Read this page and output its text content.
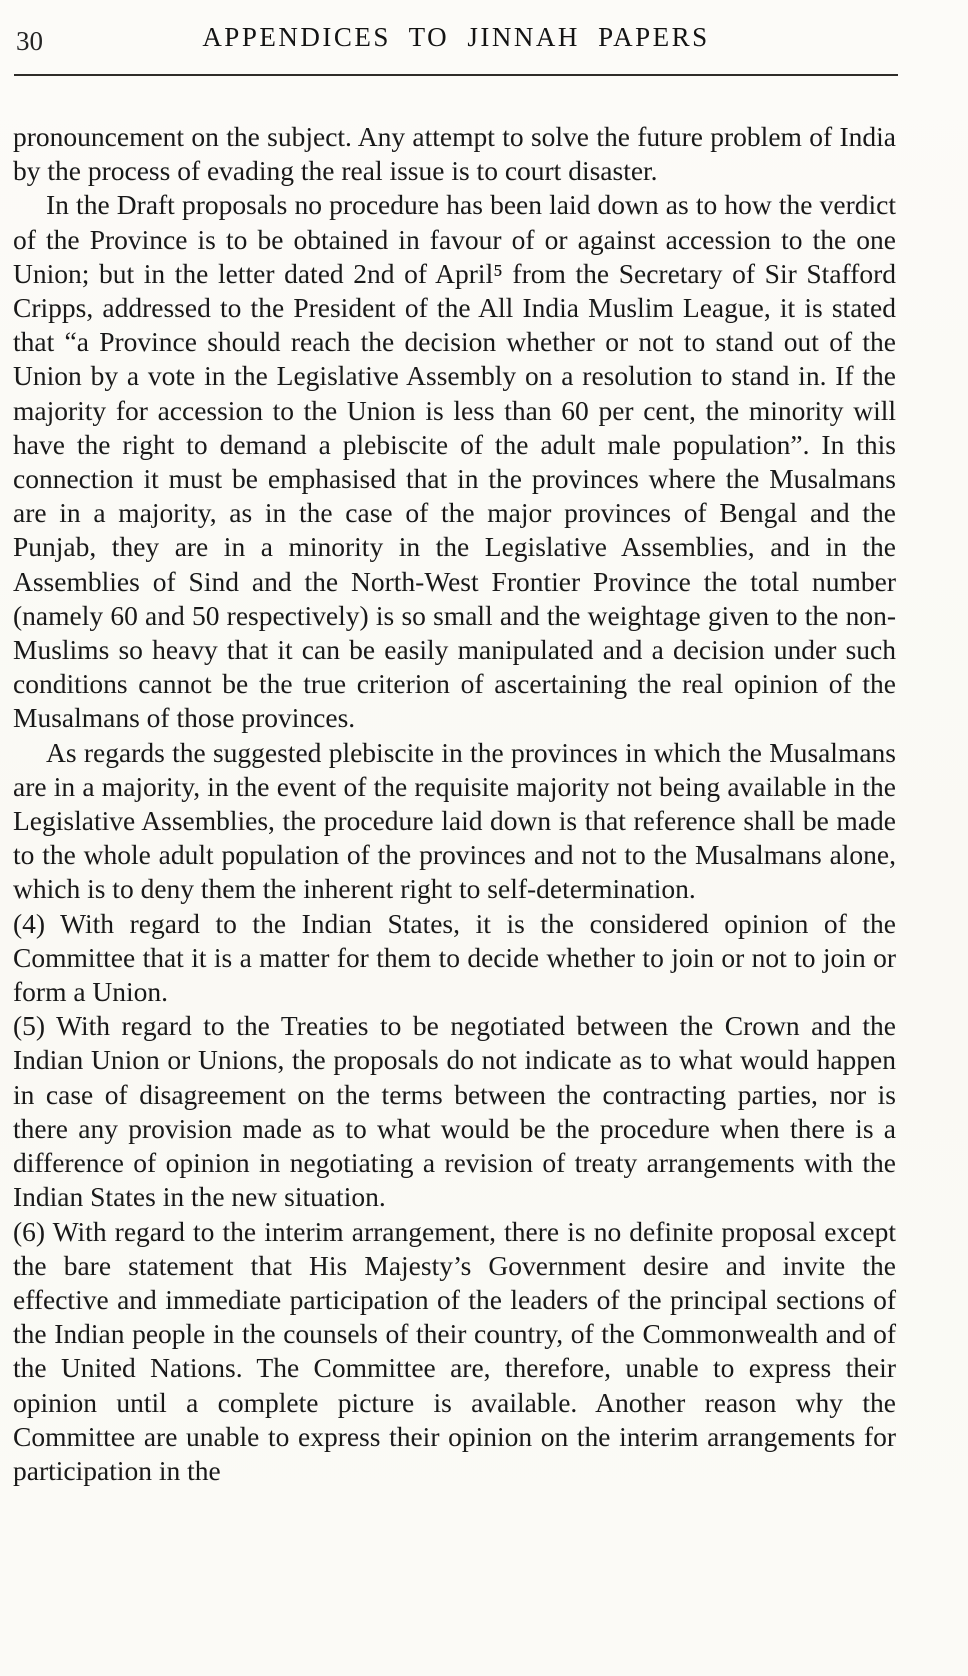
30	APPENDICES TO JINNAH PAPERS

pronouncement on the subject. Any attempt to solve the future problem of India by the process of evading the real issue is to court disaster.

In the Draft proposals no procedure has been laid down as to how the verdict of the Province is to be obtained in favour of or against accession to the one Union; but in the letter dated 2nd of April⁵ from the Secretary of Sir Stafford Cripps, addressed to the President of the All India Muslim League, it is stated that “a Province should reach the decision whether or not to stand out of the Union by a vote in the Legislative Assembly on a resolution to stand in. If the majority for accession to the Union is less than 60 per cent, the minority will have the right to demand a plebiscite of the adult male population”. In this connection it must be emphasised that in the provinces where the Musalmans are in a majority, as in the case of the major provinces of Bengal and the Punjab, they are in a minority in the Legislative Assemblies, and in the Assemblies of Sind and the North-West Frontier Province the total number (namely 60 and 50 respectively) is so small and the weightage given to the non-Muslims so heavy that it can be easily manipulated and a decision under such conditions cannot be the true criterion of ascertaining the real opinion of the Musalmans of those provinces.

As regards the suggested plebiscite in the provinces in which the Musalmans are in a majority, in the event of the requisite majority not being available in the Legislative Assemblies, the procedure laid down is that reference shall be made to the whole adult population of the provinces and not to the Musalmans alone, which is to deny them the inherent right to self-determination.

(4) With regard to the Indian States, it is the considered opinion of the Committee that it is a matter for them to decide whether to join or not to join or form a Union.

(5) With regard to the Treaties to be negotiated between the Crown and the Indian Union or Unions, the proposals do not indicate as to what would happen in case of disagreement on the terms between the contracting parties, nor is there any provision made as to what would be the procedure when there is a difference of opinion in negotiating a revision of treaty arrangements with the Indian States in the new situation.

(6) With regard to the interim arrangement, there is no definite proposal except the bare statement that His Majesty’s Government desire and invite the effective and immediate participation of the leaders of the principal sections of the Indian people in the counsels of their country, of the Commonwealth and of the United Nations. The Committee are, therefore, unable to express their opinion until a complete picture is available. Another reason why the Committee are unable to express their opinion on the interim arrangements for participation in the
